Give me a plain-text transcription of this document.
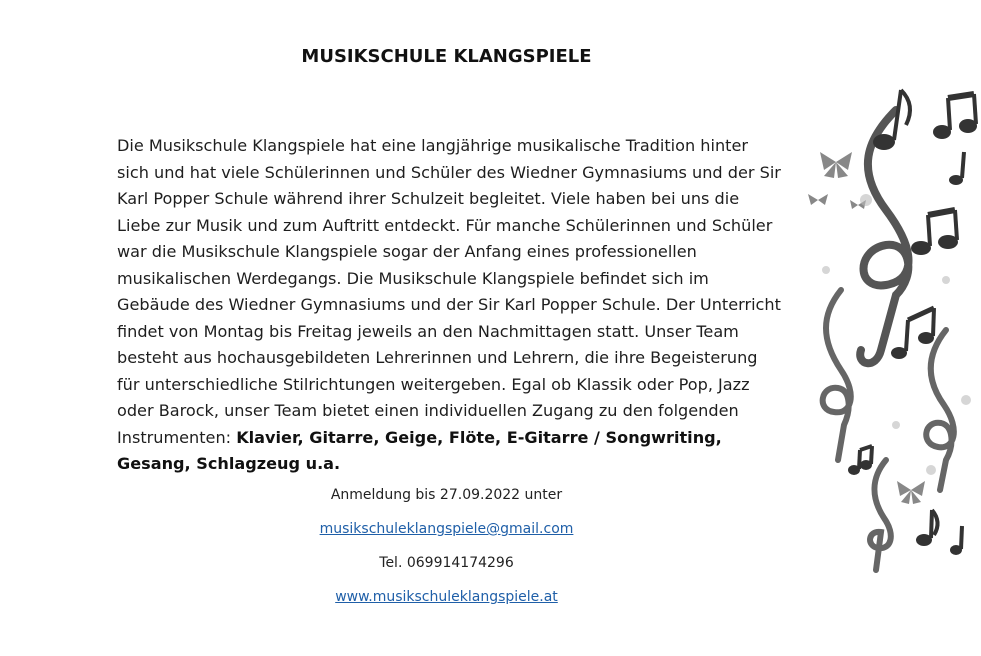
MUSIKSCHULE KLANGSPIELE
Die Musikschule Klangspiele hat eine langjährige musikalische Tradition hinter sich und hat viele Schülerinnen und Schüler des Wiedner Gymnasiums und der Sir Karl Popper Schule während ihrer Schulzeit begleitet. Viele haben bei uns die Liebe zur Musik und zum Auftritt entdeckt. Für manche Schülerinnen und Schüler war die Musikschule Klangspiele sogar der Anfang eines professionellen musikalischen Werdegangs. Die Musikschule Klangspiele befindet sich im Gebäude des Wiedner Gymnasiums und der Sir Karl Popper Schule. Der Unterricht findet von Montag bis Freitag jeweils an den Nachmittagen statt. Unser Team besteht aus hochausgebildeten Lehrerinnen und Lehrern, die ihre Begeisterung für unterschiedliche Stilrichtungen weitergeben. Egal ob Klassik oder Pop, Jazz oder Barock, unser Team bietet einen individuellen Zugang zu den folgenden Instrumenten: Klavier, Gitarre, Geige, Flöte, E-Gitarre / Songwriting, Gesang, Schlagzeug u.a.
Anmeldung bis 27.09.2022 unter
musikschuleklangspiele@gmail.com
Tel. 069914174296
www.musikschuleklangspiele.at
